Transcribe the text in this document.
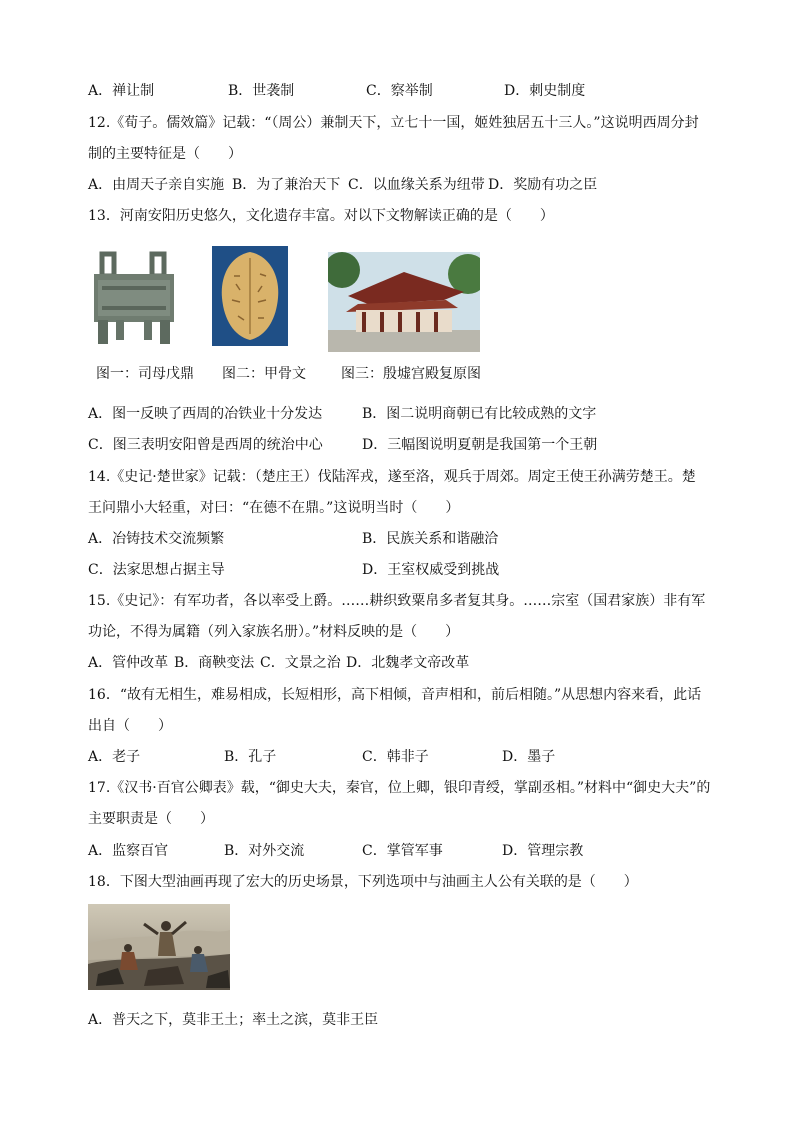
A．禅让制	B．世袭制	C．察举制	D．刺史制度
12.《荀子。儒效篇》记载：“（周公）兼制天下，立七十一国，姬姓独居五十三人。”这说明西周分封
制的主要特征是（　　）
A．由周天子亲自实施 B．为了兼治天下 C．以血缘关系为纽带 D．奖励有功之臣
13．河南安阳历史悠久，文化遗存丰富。对以下文物解读正确的是（　　）
图一：司母戊鼎 图二：甲骨文	图三：殷墟宫殿复原图
A．图一反映了西周的冶铁业十分发达	B．图二说明商朝已有比较成熟的文字
C．图三表明安阳曾是西周的统治中心	D．三幅图说明夏朝是我国第一个王朝
14.《史记·楚世家》记载：（楚庄王）伐陆浑戎，遂至洛，观兵于周郊。周定王使王孙满劳楚王。楚
王问鼎小大轻重，对曰：“在德不在鼎。”这说明当时（　　）
A．冶铸技术交流频繁	B．民族关系和谐融洽
C．法家思想占据主导	D．王室权威受到挑战
15.《史记》：有军功者，各以率受上爵。……耕织致粟帛多者复其身。……宗室（国君家族）非有军
功论，不得为属籍（列入家族名册）。”材料反映的是（　　）
A．管仲改革 B．商鞅变法 C．文景之治 D．北魏孝文帝改革
16．“故有无相生，难易相成，长短相形，高下相倾，音声相和，前后相随。”从思想内容来看，此话
出自（　　）
A．老子	B．孔子	C．韩非子	D．墨子
17.《汉书·百官公卿表》载，“御史大夫，秦官，位上卿，银印青绶，掌副丞相。”材料中“御史大夫”的
主要职责是（　　）
A．监察百官	B．对外交流	C．掌管军事	D．管理宗教
18．下图大型油画再现了宏大的历史场景，下列选项中与油画主人公有关联的是（　　）
A．普天之下，莫非王土；率土之滨，莫非王臣
